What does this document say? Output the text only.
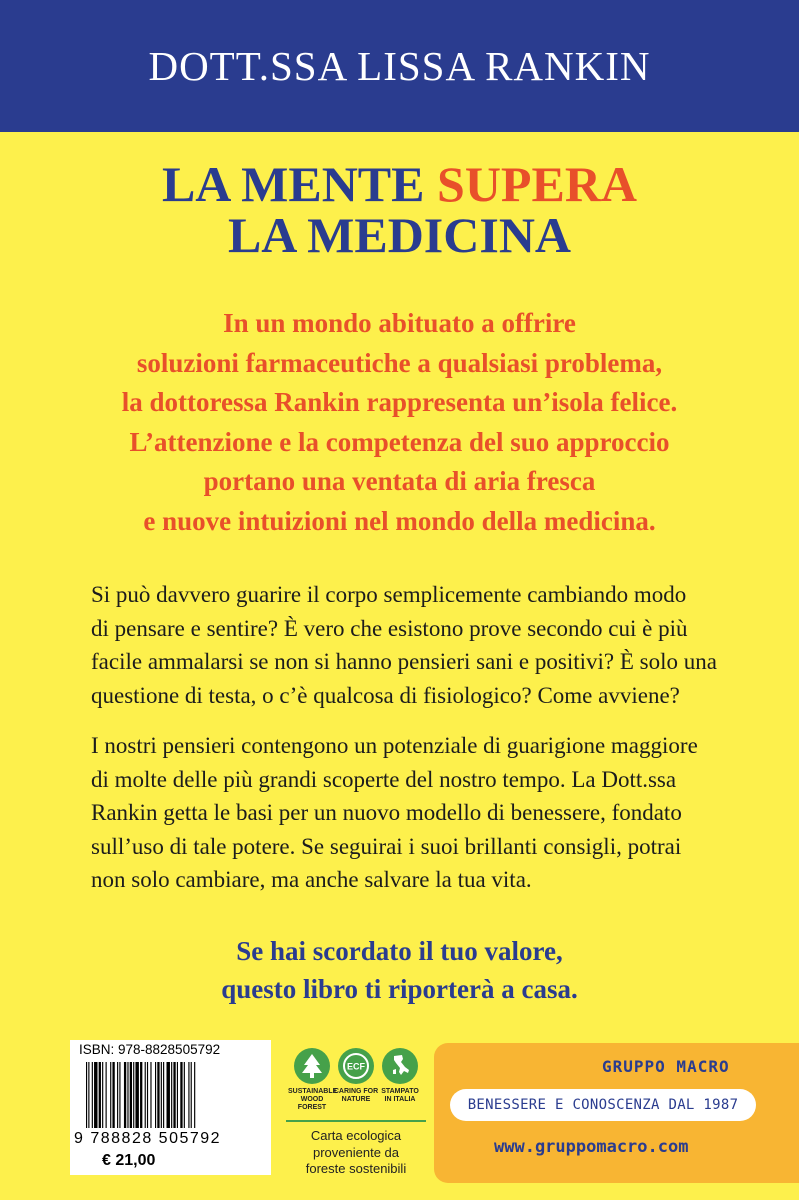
DOTT.SSA LISSA RANKIN
LA MENTE SUPERA
LA MEDICINA
In un mondo abituato a offrire
soluzioni farmaceutiche a qualsiasi problema,
la dottoressa Rankin rappresenta un’isola felice.
L’attenzione e la competenza del suo approccio
portano una ventata di aria fresca
e nuove intuizioni nel mondo della medicina.
Si può davvero guarire il corpo semplicemente cambiando modo
di pensare e sentire? È vero che esistono prove secondo cui è più
facile ammalarsi se non si hanno pensieri sani e positivi? È solo una
questione di testa, o c’è qualcosa di fisiologico? Come avviene?
I nostri pensieri contengono un potenziale di guarigione maggiore
di molte delle più grandi scoperte del nostro tempo. La Dott.ssa
Rankin getta le basi per un nuovo modello di benessere, fondato
sull’uso di tale potere. Se seguirai i suoi brillanti consigli, potrai
non solo cambiare, ma anche salvare la tua vita.
Se hai scordato il tuo valore,
questo libro ti riporterà a casa.
ISBN: 978-8828505792
9 788828 505792
€ 21,00
ECF
SUSTAINABLE
WOOD FOREST
CARING FOR
NATURE
STAMPATO
IN ITALIA
Carta ecologica
proveniente da
foreste sostenibili
GRUPPO MACRO
BENESSERE E CONOSCENZA DAL 1987
www.gruppomacro.com
